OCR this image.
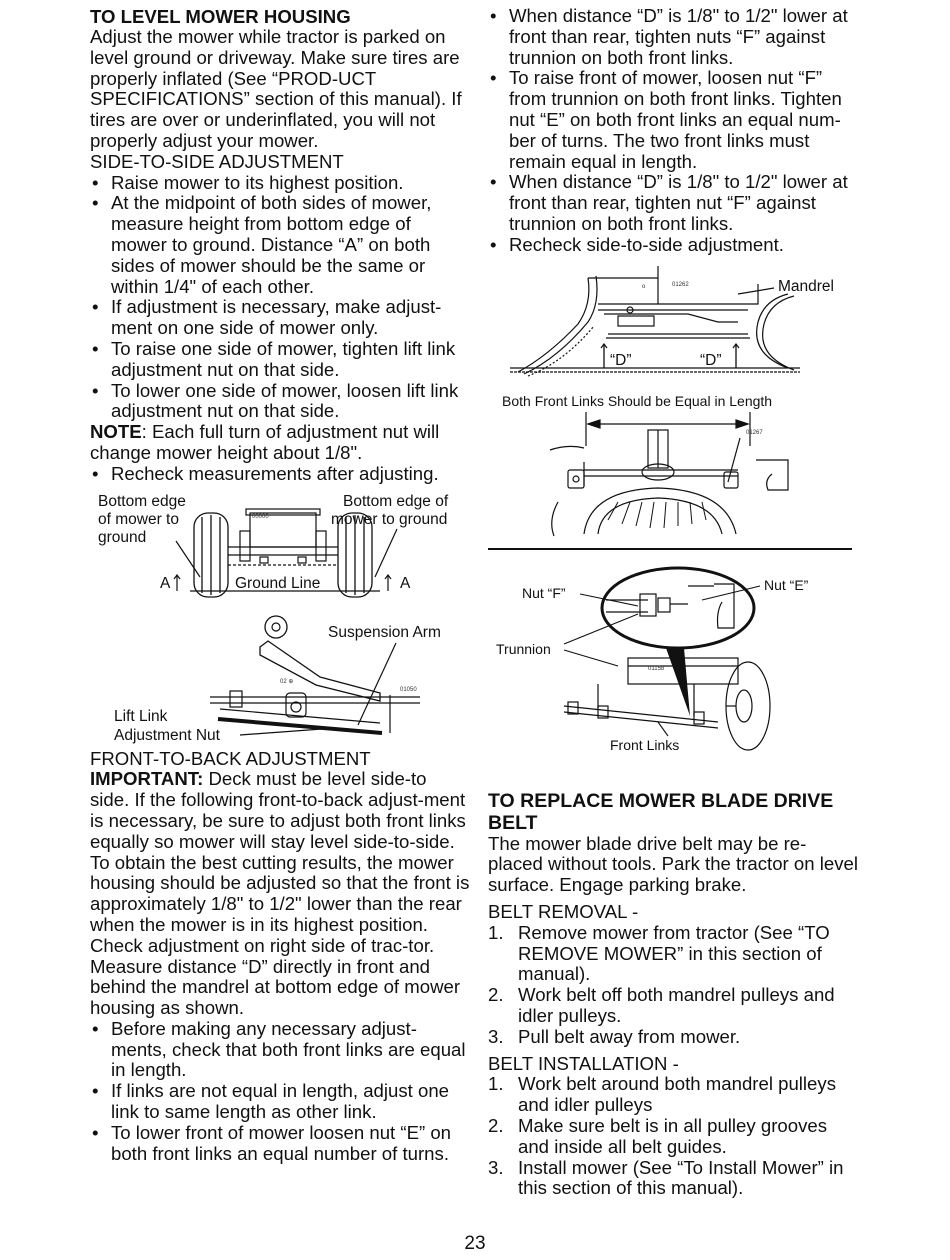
TO LEVEL MOWER HOUSING

Adjust the mower while tractor is parked on level ground or driveway. Make sure tires are properly inflated (See “PROD-UCT SPECIFICATIONS” section of this manual). If tires are over or underinflated, you will not properly adjust your mower.

SIDE-TO-SIDE ADJUSTMENT

• Raise mower to its highest position.
• At the midpoint of both sides of mower, measure height from bottom edge of mower to ground. Distance “A” on both sides of mower should be the same or within 1/4" of each other.
• If adjustment is necessary, make adjust-ment on one side of mower only.
• To raise one side of mower, tighten lift link adjustment nut on that side.
• To lower one side of mower, loosen lift link adjustment nut on that side.

NOTE: Each full turn of adjustment nut will change mower height about 1/8".

• Recheck measurements after adjusting.
Bottom edge
of mower to
ground
Bottom edge of
mower to ground
00000
Ground Line
A	A
Suspension Arm
02 ⊕
01050
Lift Link
Adjustment Nut

FRONT-TO-BACK ADJUSTMENT

IMPORTANT: Deck must be level side-to side. If the following front-to-back adjust-ment is necessary, be sure to adjust both front links equally so mower will stay level side-to-side.

To obtain the best cutting results, the mower housing should be adjusted so that the front is approximately 1/8" to 1/2" lower than the rear when the mower is in its highest position.

Check adjustment on right side of trac-tor. Measure distance “D” directly in front and behind the mandrel at bottom edge of mower housing as shown.

• Before making any necessary adjust-ments, check that both front links are equal in length.
• If links are not equal in length, adjust one link to same length as other link.
• To lower front of mower loosen nut “E” on both front links an equal number of turns.
• When distance “D” is 1/8" to 1/2" lower at front than rear, tighten nuts “F” against trunnion on both front links.
• To raise front of mower, loosen nut “F” from trunnion on both front links. Tighten nut “E” on both front links an equal num-ber of turns. The two front links must remain equal in length.
• When distance “D” is 1/8" to 1/2" lower at front than rear, tighten nut “F” against trunnion on both front links.
• Recheck side-to-side adjustment.
01262
o	Mandrel
“D”	“D”
Both Front Links Should be Equal in Length
01267
Nut “F”	Nut “E”
Trunnion
01158
Front Links
TO REPLACE MOWER BLADE DRIVE
BELT

The mower blade drive belt may be re-placed without tools. Park the tractor on level surface. Engage parking brake.

BELT REMOVAL -

1. Remove mower from tractor (See “TO REMOVE MOWER” in this section of manual).
2. Work belt off both mandrel pulleys and idler pulleys.
3. Pull belt away from mower.

BELT INSTALLATION -

1. Work belt around both mandrel pulleys and idler pulleys
2. Make sure belt is in all pulley grooves and inside all belt guides.
3. Install mower (See “To Install Mower” in this section of this manual).
23
